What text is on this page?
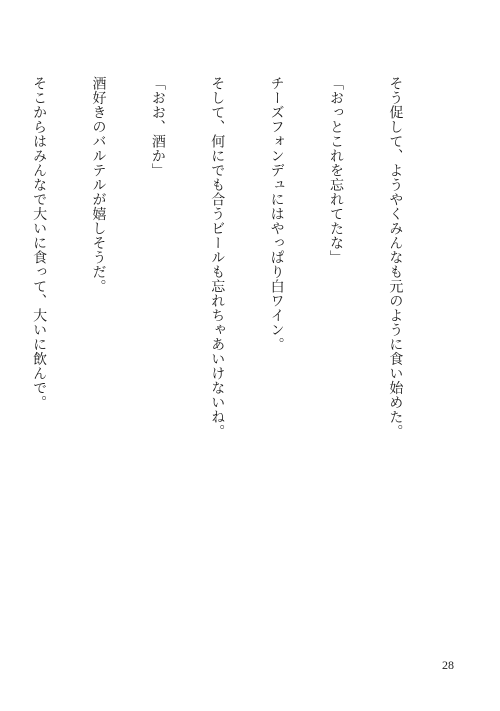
そう促して、ようやくみんなも元のように食い始めた。

「おっとこれを忘れてたな」

チーズフォンデュにはやっぱり白ワイン。

そして、何にでも合うビールも忘れちゃあいけないね。

「おお、酒か」

酒好きのバルテルが嬉しそうだ。

そこからはみんなで大いに食って、大いに飲んで。

28
